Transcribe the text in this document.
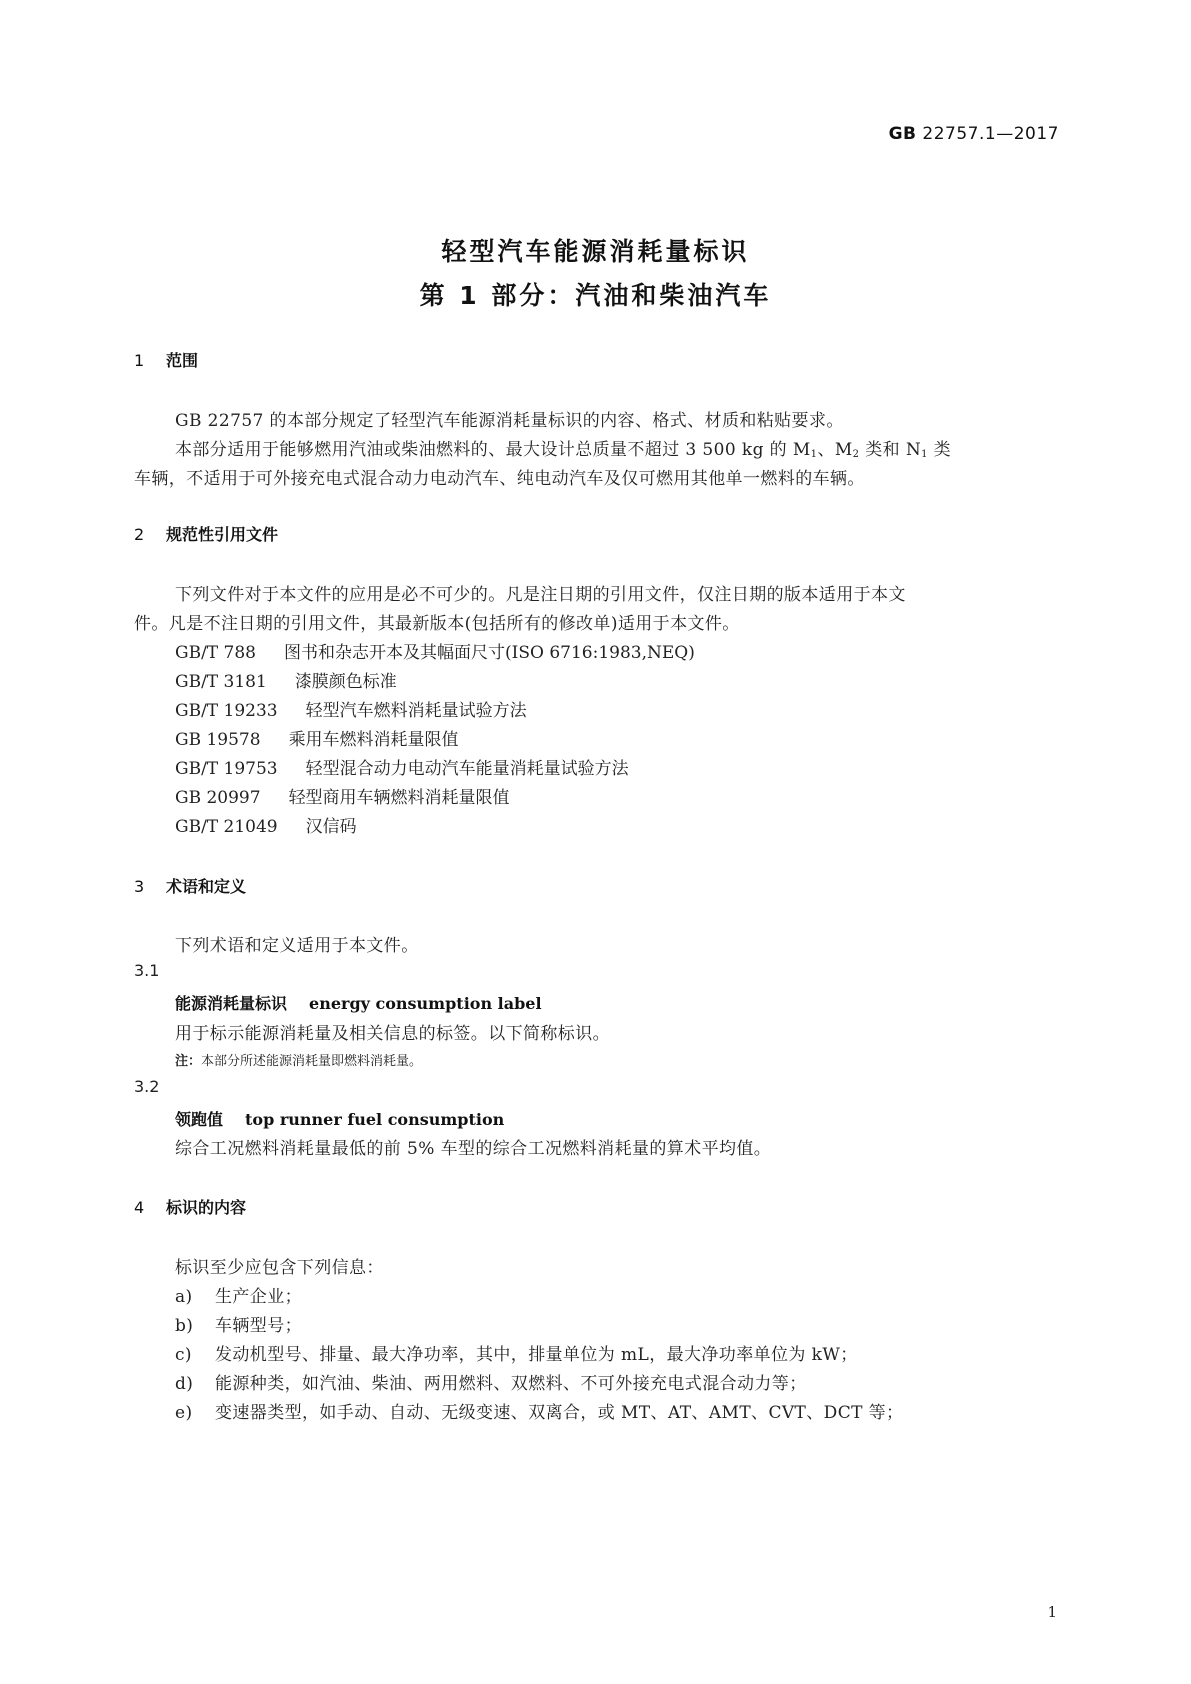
GB 22757.1—2017
轻型汽车能源消耗量标识
第 1 部分：汽油和柴油汽车
1 范围
GB 22757 的本部分规定了轻型汽车能源消耗量标识的内容、格式、材质和粘贴要求。
本部分适用于能够燃用汽油或柴油燃料的、最大设计总质量不超过 3 500 kg 的 $M_1$、$M_2$ 类和 $N_1$ 类
车辆，不适用于可外接充电式混合动力电动汽车、纯电动汽车及仅可燃用其他单一燃料的车辆。
2 规范性引用文件
下列文件对于本文件的应用是必不可少的。凡是注日期的引用文件，仅注日期的版本适用于本文
件。凡是不注日期的引用文件，其最新版本(包括所有的修改单)适用于本文件。
GB/T 788 图书和杂志开本及其幅面尺寸(ISO 6716:1983,NEQ)
GB/T 3181 漆膜颜色标准
GB/T 19233 轻型汽车燃料消耗量试验方法
GB 19578 乘用车燃料消耗量限值
GB/T 19753 轻型混合动力电动汽车能量消耗量试验方法
GB 20997 轻型商用车辆燃料消耗量限值
GB/T 21049 汉信码
3 术语和定义
下列术语和定义适用于本文件。
3.1
能源消耗量标识 energy consumption label
用于标示能源消耗量及相关信息的标签。以下简称标识。
注：本部分所述能源消耗量即燃料消耗量。
3.2
领跑值 top runner fuel consumption
综合工况燃料消耗量最低的前 5% 车型的综合工况燃料消耗量的算术平均值。
4 标识的内容
标识至少应包含下列信息：
a) 生产企业；
b) 车辆型号；
c) 发动机型号、排量、最大净功率，其中，排量单位为 mL，最大净功率单位为 kW；
d) 能源种类，如汽油、柴油、两用燃料、双燃料、不可外接充电式混合动力等；
e) 变速器类型，如手动、自动、无级变速、双离合，或 MT、AT、AMT、CVT、DCT 等；
1
